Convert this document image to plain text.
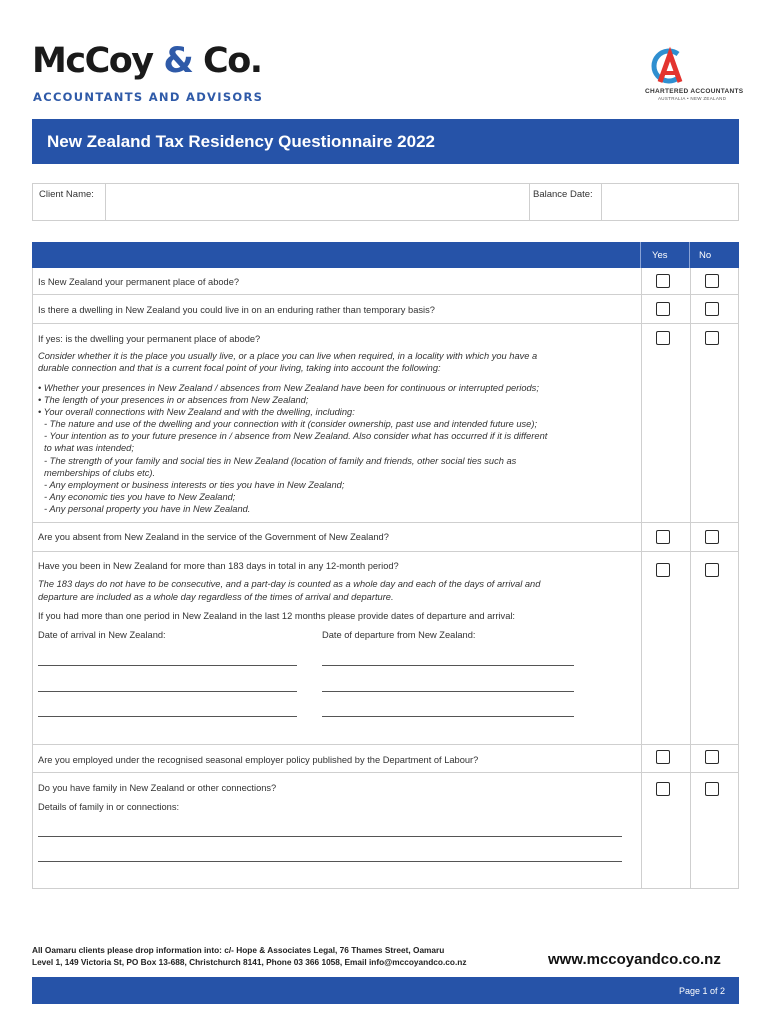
McCoy & Co.
ACCOUNTANTS AND ADVISORS	CHARTERED ACCOUNTANTS
AUSTRALIA • NEW ZEALAND
New Zealand Tax Residency Questionnaire 2022
Client Name:	Balance Date:
Yes	No
Is New Zealand your permanent place of abode?
Is there a dwelling in New Zealand you could live in on an enduring rather than temporary basis?
If yes: is the dwelling your permanent place of abode?
Consider whether it is the place you usually live, or a place you can live when required, in a locality with which you have a
durable connection and that is a current focal point of your living, taking into account the following:
• Whether your presences in New Zealand / absences from New Zealand have been for continuous or interrupted periods;
• The length of your presences in or absences from New Zealand;
• Your overall connections with New Zealand and with the dwelling, including:
- The nature and use of the dwelling and your connection with it (consider ownership, past use and intended future use);
- Your intention as to your future presence in / absence from New Zealand. Also consider what has occurred if it is different
to what was intended;
- The strength of your family and social ties in New Zealand (location of family and friends, other social ties such as
memberships of clubs etc).
- Any employment or business interests or ties you have in New Zealand;
- Any economic ties you have to New Zealand;
- Any personal property you have in New Zealand.
Are you absent from New Zealand in the service of the Government of New Zealand?
Have you been in New Zealand for more than 183 days in total in any 12-month period?
The 183 days do not have to be consecutive, and a part-day is counted as a whole day and each of the days of arrival and
departure are included as a whole day regardless of the times of arrival and departure.
If you had more than one period in New Zealand in the last 12 months please provide dates of departure and arrival:
Date of arrival in New Zealand:	Date of departure from New Zealand:
Are you employed under the recognised seasonal employer policy published by the Department of Labour?
Do you have family in New Zealand or other connections?
Details of family in or connections:
All Oamaru clients please drop information into: c/- Hope & Associates Legal, 76 Thames Street, Oamaru
Level 1, 149 Victoria St, PO Box 13-688, Christchurch 8141, Phone 03 366 1058, Email info@mccoyandco.co.nz	www.mccoyandco.co.nz
Page 1 of 2
